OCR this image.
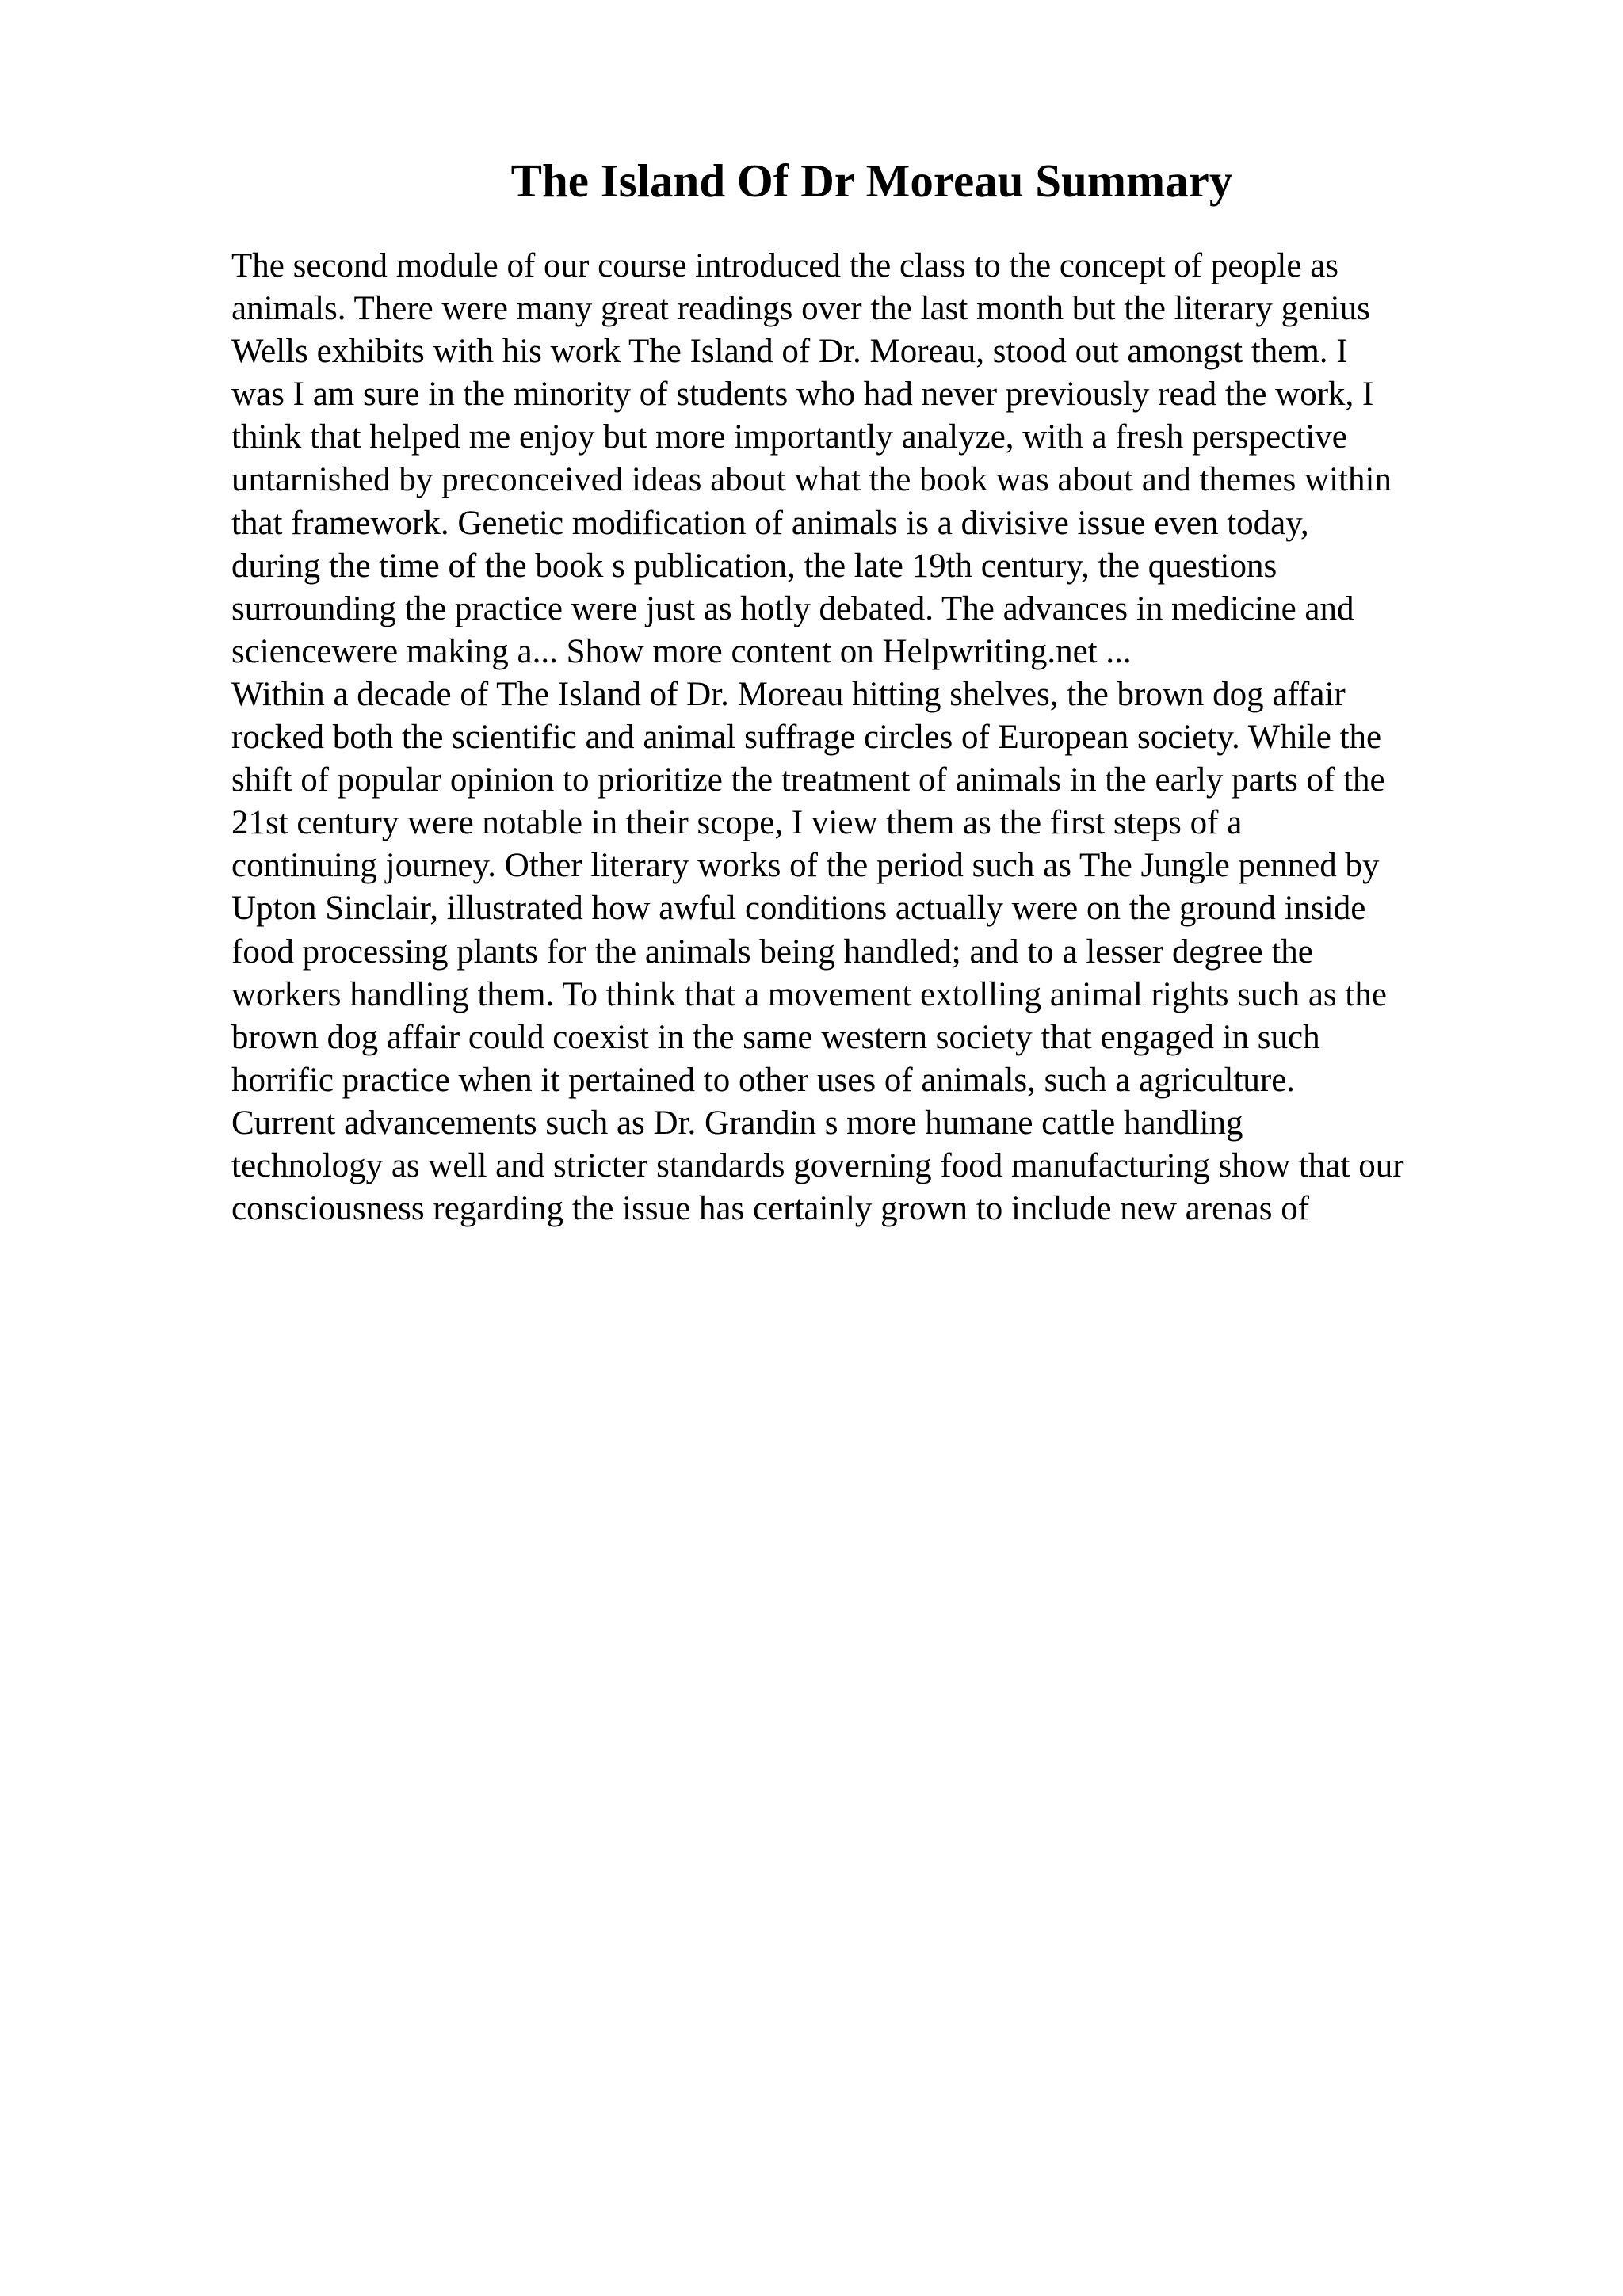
The Island Of Dr Moreau Summary
The second module of our course introduced the class to the concept of people as
animals. There were many great readings over the last month but the literary genius
Wells exhibits with his work The Island of Dr. Moreau, stood out amongst them. I
was I am sure in the minority of students who had never previously read the work, I
think that helped me enjoy but more importantly analyze, with a fresh perspective
untarnished by preconceived ideas about what the book was about and themes within
that framework. Genetic modification of animals is a divisive issue even today,
during the time of the book s publication, the late 19th century, the questions
surrounding the practice were just as hotly debated. The advances in medicine and
sciencewere making a... Show more content on Helpwriting.net ...
Within a decade of The Island of Dr. Moreau hitting shelves, the brown dog affair
rocked both the scientific and animal suffrage circles of European society. While the
shift of popular opinion to prioritize the treatment of animals in the early parts of the
21st century were notable in their scope, I view them as the first steps of a
continuing journey. Other literary works of the period such as The Jungle penned by
Upton Sinclair, illustrated how awful conditions actually were on the ground inside
food processing plants for the animals being handled; and to a lesser degree the
workers handling them. To think that a movement extolling animal rights such as the
brown dog affair could coexist in the same western society that engaged in such
horrific practice when it pertained to other uses of animals, such a agriculture.
Current advancements such as Dr. Grandin s more humane cattle handling
technology as well and stricter standards governing food manufacturing show that our
consciousness regarding the issue has certainly grown to include new arenas of
